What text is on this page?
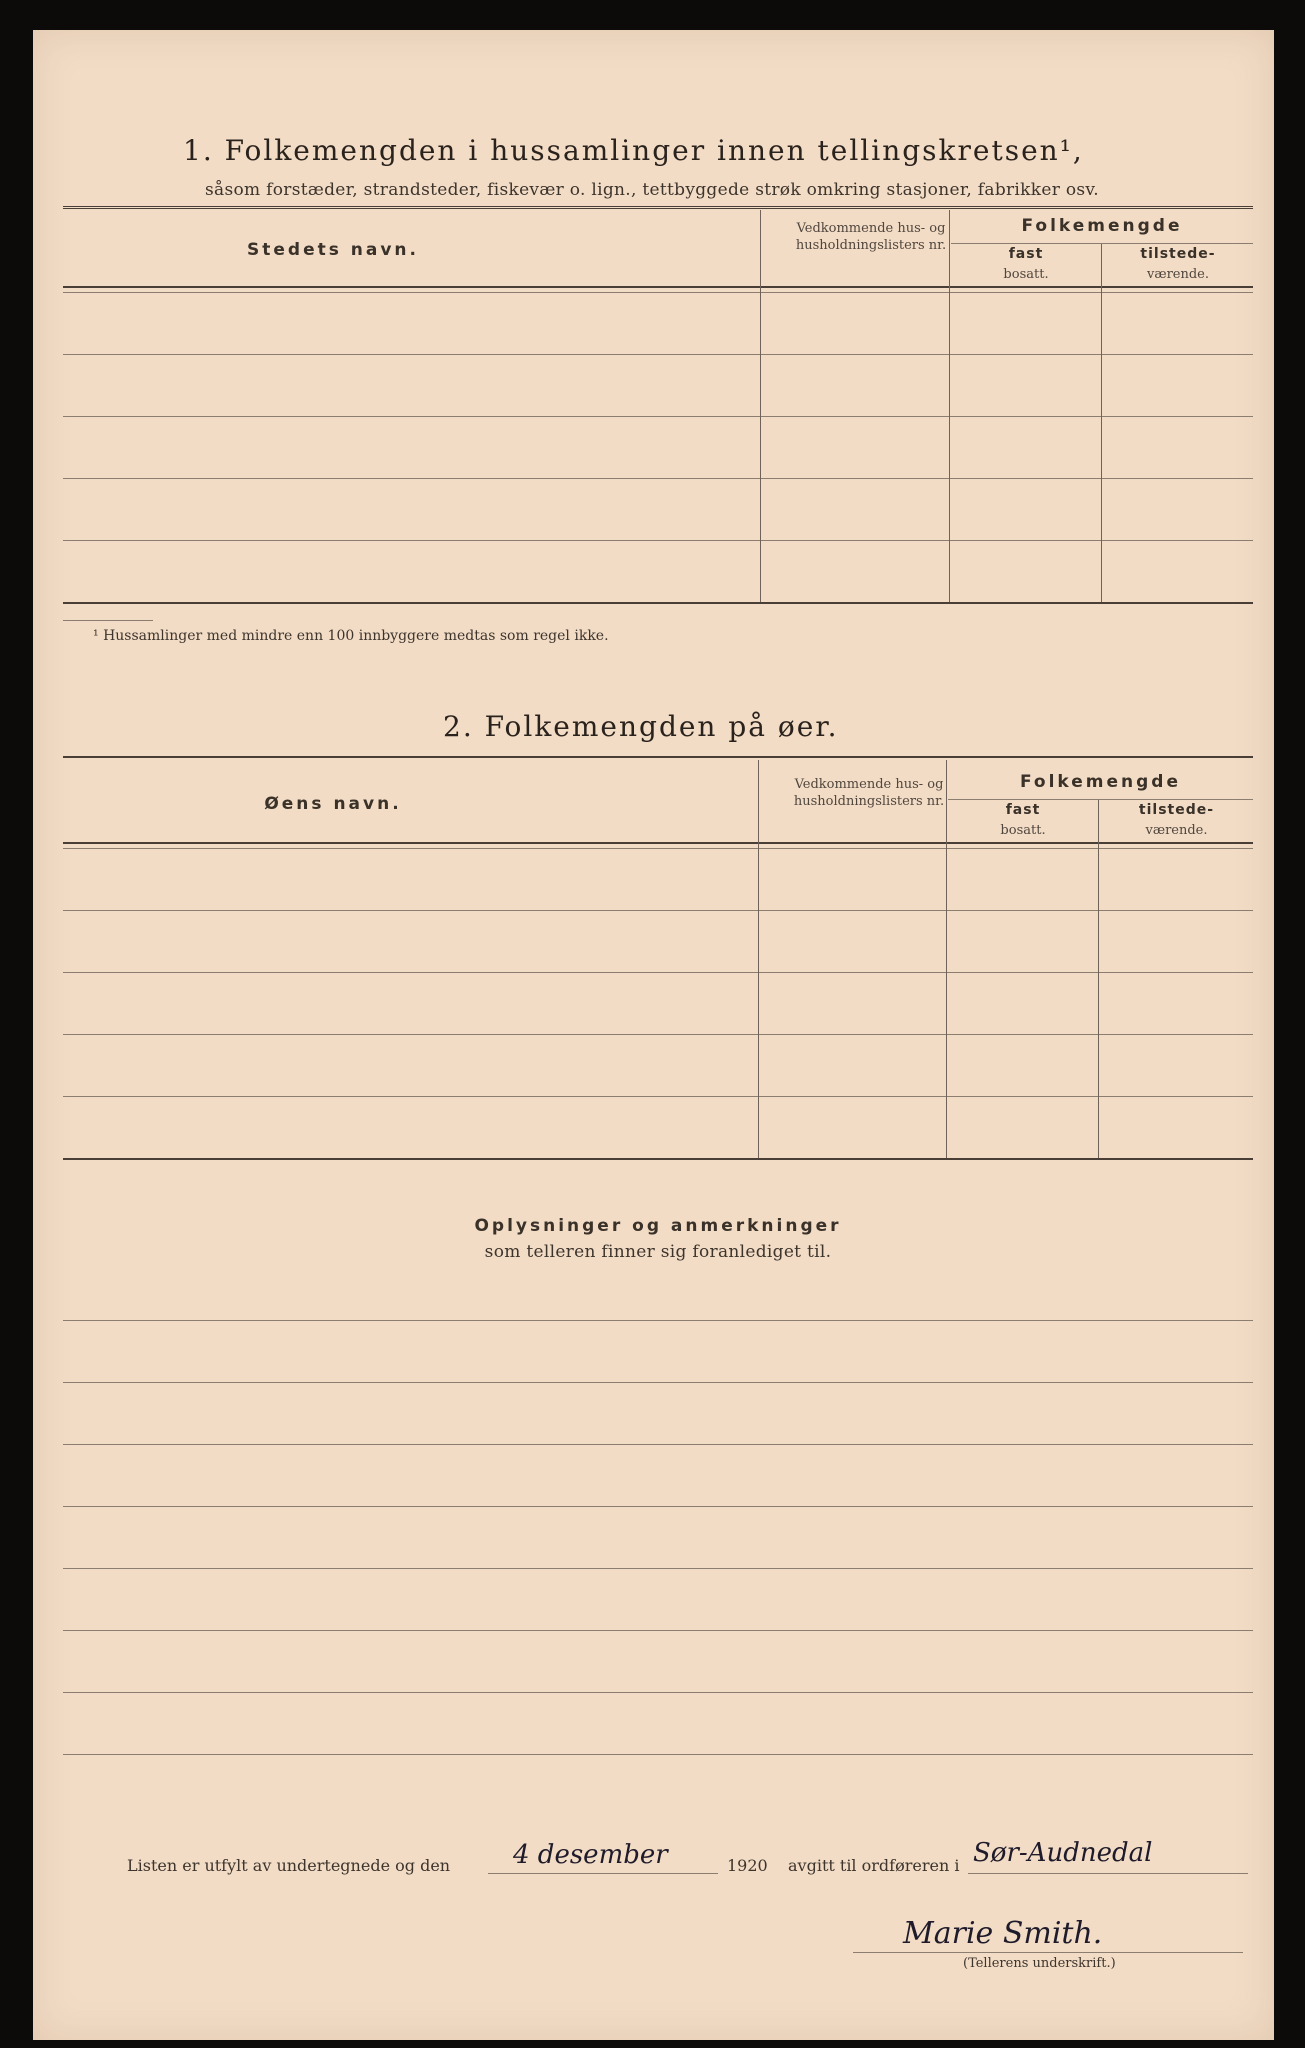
1. Folkemengden i hussamlinger innen tellingskretsen¹,
såsom forstæder, strandsteder, fiskevær o. lign., tettbyggede strøk omkring stasjoner, fabrikker osv.
Stedets navn.
Vedkommende hus- og husholdningslisters nr.
Folkemengde
fast
bosatt.
tilstede-
værende.
¹ Hussamlinger med mindre enn 100 innbyggere medtas som regel ikke.
2. Folkemengden på øer.
Øens navn.
Vedkommende hus- og husholdningslisters nr.
Folkemengde
fast
bosatt.
tilstede-
værende.
Oplysninger og anmerkninger
som telleren finner sig foranlediget til.
Listen er utfylt av undertegnede og den 4 desember	1920 avgitt til ordføreren i Sør-Audnedal
Marie Smith.
(Tellerens underskrift.)
